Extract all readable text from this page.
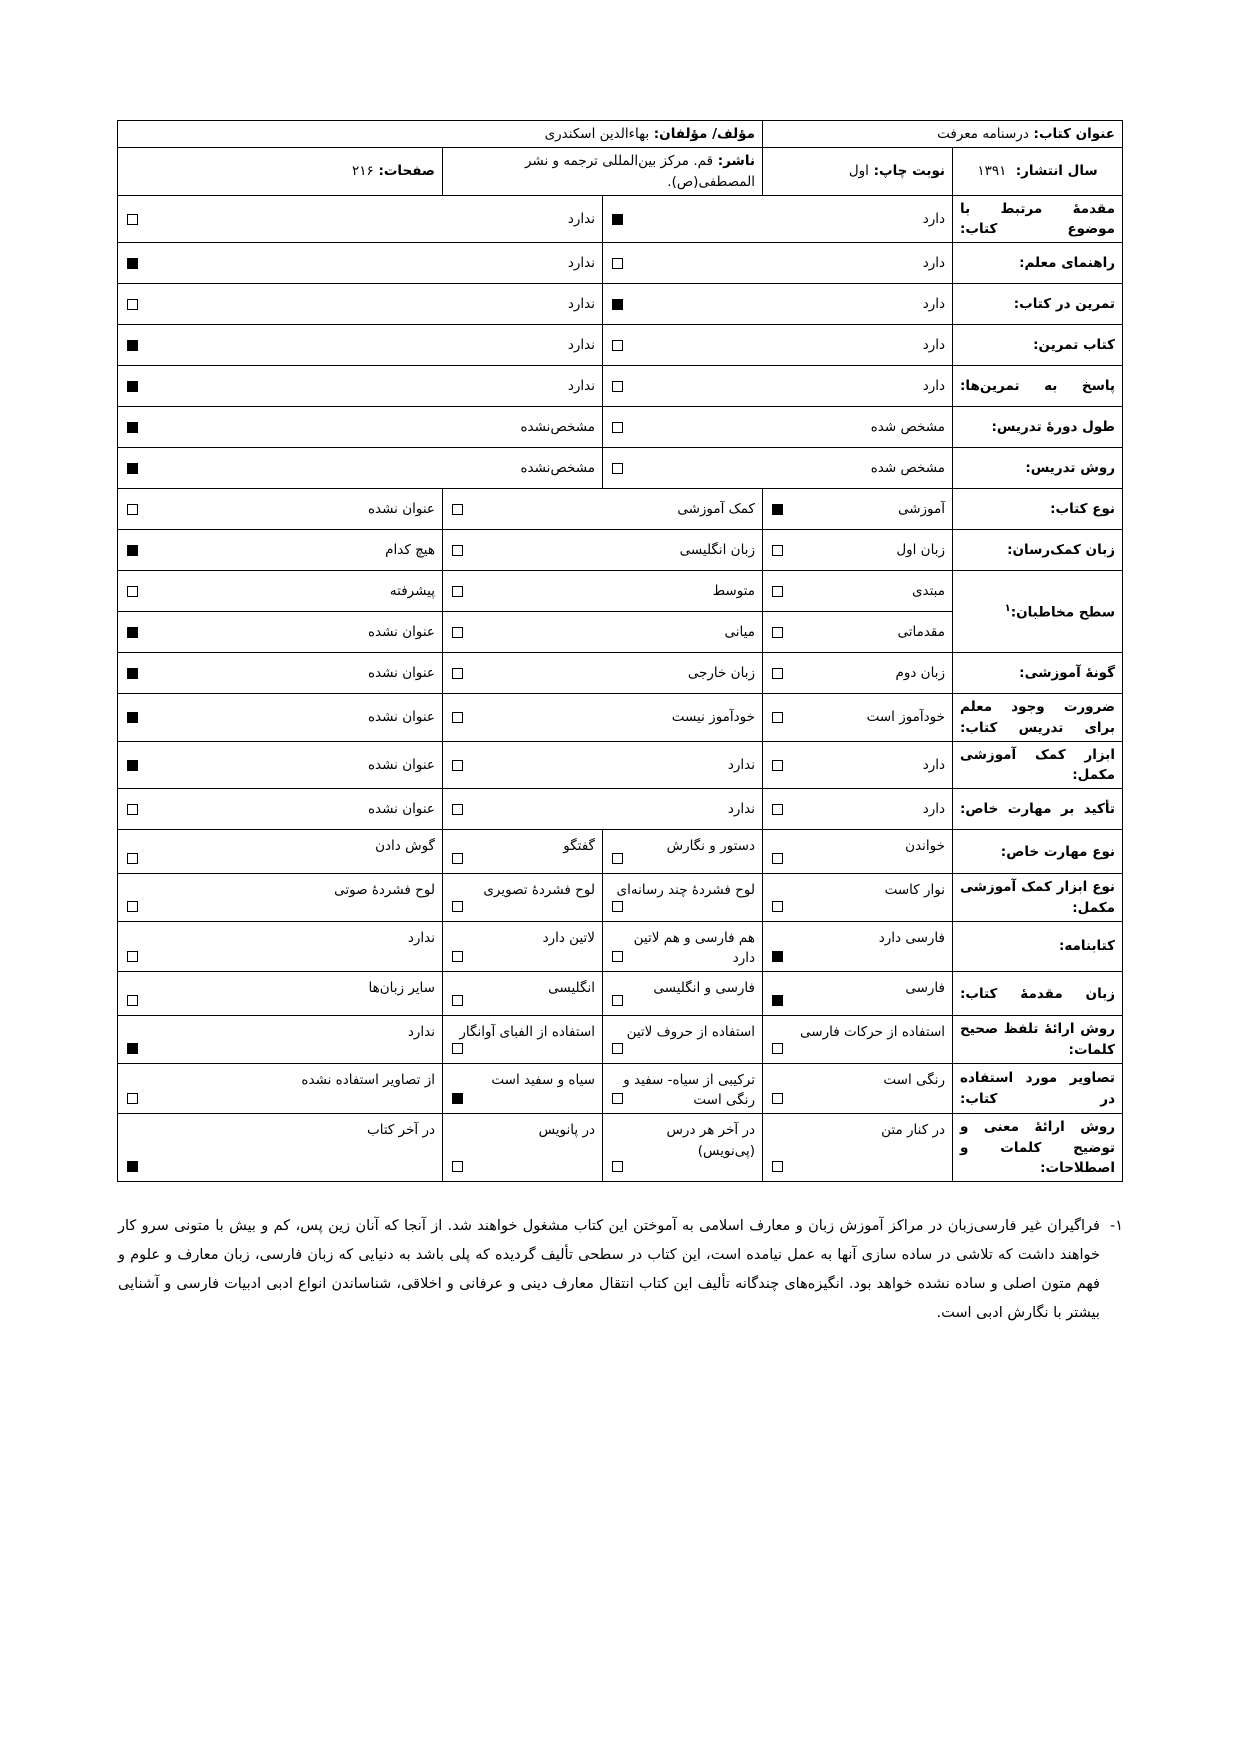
عنوان کتاب: درسنامه معرفت		مؤلف/ مؤلفان: بهاءالدین اسکندری		
سال انتشار:  ۱۳۹۱	نوبت چاپ: اول	ناشر: قم. مرکز بین‌المللی ترجمه و نشر المصطفی(ص).		صفحات: ۲۱۶
مقدمهٔ مرتبط با موضوع کتاب:	دارد		ندارد	

راهنمای معلم:	دارد		ندارد	

تمرین در کتاب:	دارد		ندارد	

کتاب تمرین:	دارد		ندارد	

پاسخ به تمرین‌ها:	دارد		ندارد	

طول دورهٔ تدریس:	مشخص شده		مشخص‌نشده	

روش تدریس:	مشخص شده		مشخص‌نشده	

نوع کتاب:	آموزشی	کمک آموزشی		عنوان نشده

زبان کمک‌رسان:	زبان اول	زبان انگلیسی		هیچ کدام

سطح مخاطبان:$^۱$	مبتدی	متوسط		پیشرفته

	مقدماتی	میانی		عنوان نشده

گونهٔ آموزشی:	زبان دوم	زبان خارجی		عنوان نشده

ضرورت وجود معلم برای تدریس کتاب:	خودآموز است	خودآموز نیست		عنوان نشده

ابزار کمک آموزشی مکمل:	دارد	ندارد		عنوان نشده

تأکید بر مهارت خاص:	دارد	ندارد		عنوان نشده

نوع مهارت خاص:	خواندن	دستور و نگارش	گفتگو	گوش دادن

نوع ابزار کمک آموزشی مکمل:	نوار کاست	لوح فشردهٔ چند رسانه‌ای	لوح فشردهٔ تصویری	لوح فشردهٔ صوتی

کتابنامه:	فارسی دارد	هم فارسی و هم لاتین دارد	لاتین دارد	ندارد

زبان مقدمهٔ کتاب:	فارسی	فارسی و انگلیسی	انگلیسی	سایر زبان‌ها

روش ارائهٔ تلفظ صحیح کلمات:	استفاده از حرکات فارسی	استفاده از حروف لاتین	استفاده از الفبای آوانگار	ندارد

تصاویر مورد استفاده در کتاب:	رنگی است	ترکیبی از سیاه- سفید و رنگی است	سیاه و سفید است	از تصاویر استفاده نشده

روش ارائهٔ معنی و توضیح کلمات و اصطلاحات:	در کنار متن	در آخر هر درس (پی‌نویس)	در پانویس	در آخر کتاب
۱-
فراگیران غیر فارسی‌زبان در مراکز آموزش زبان و معارف اسلامی به آموختن این کتاب مشغول خواهند شد. از آنجا که آنان زین پس، کم و بیش با متونی سرو کار خواهند داشت که تلاشی در ساده سازی آنها به عمل نیامده است، این کتاب در سطحی تألیف گردیده که پلی باشد به دنیایی که زبان فارسی، زبان معارف و علوم و فهم متون اصلی و ساده نشده خواهد بود. انگیزه‌های چندگانه تألیف این کتاب انتقال معارف دینی و عرفانی و اخلاقی، شناساندن انواع ادبی ادبیات فارسی و آشنایی بیشتر با نگارش ادبی است.
